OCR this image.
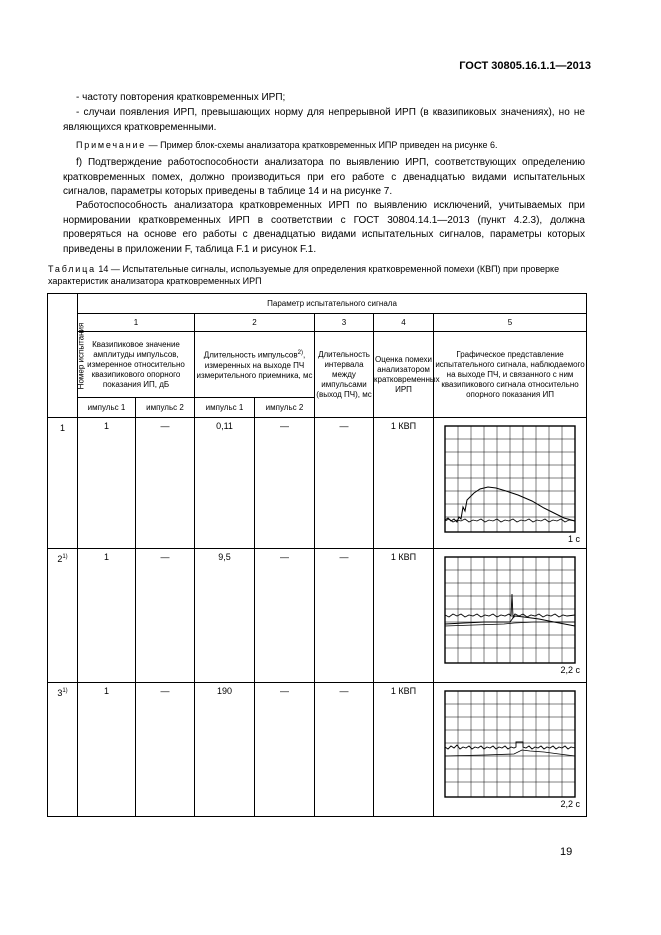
ГОСТ 30805.16.1.1—2013
- частоту повторения кратковременных ИРП;
- случаи появления ИРП, превышающих норму для непрерывной ИРП (в квазипиковых значениях), но не являющихся кратковременными.
Примечание — Пример блок-схемы анализатора кратковременных ИПР приведен на рисунке 6.
f) Подтверждение работоспособности анализатора по выявлению ИРП, соответствующих определению кратковременных помех, должно производиться при его работе с двенадцатью видами испытательных сигналов, параметры которых приведены в таблице 14 и на рисунке 7.
Работоспособность анализатора кратковременных ИРП по выявлению исключений, учитываемых при нормировании кратковременных ИРП в соответствии с ГОСТ 30804.14.1—2013 (пункт 4.2.3), должна проверяться на основе его работы с двенадцатью видами испытательных сигналов, параметры которых приведены в приложении F, таблица F.1 и рисунок F.1.
Таблица 14 — Испытательные сигналы, используемые для определения кратковременной помехи (КВП) при проверке характеристик анализатора кратковременных ИРП
Номер испытания	Параметр испытательного сигнала						
	1		2		3	4	5
	Квазипиковое значение амплитуды импульсов, измеренное относительно квазипикового опорного показания ИП, дБ		Длительность импульсов$^{2)}$, измеренных на выходе ПЧ измерительного приемника, мс		Длительность интервала между импульсами (выход ПЧ), мс	Оценка помехи анализатором кратковременных ИРП	Графическое представление испытательного сигнала, наблюдаемого на выходе ПЧ, и связанного с ним квазипикового сигнала относительно опорного показания ИП
	импульс 1	импульс 2	импульс 1	импульс 2			
1	1	—	0,11	—	—	1 КВП	1 с

2$^{1)}$	1	—	9,5	—	—	1 КВП	2,2 с

3$^{1)}$	1	—	190	—	—	1 КВП	2,2 с
19
